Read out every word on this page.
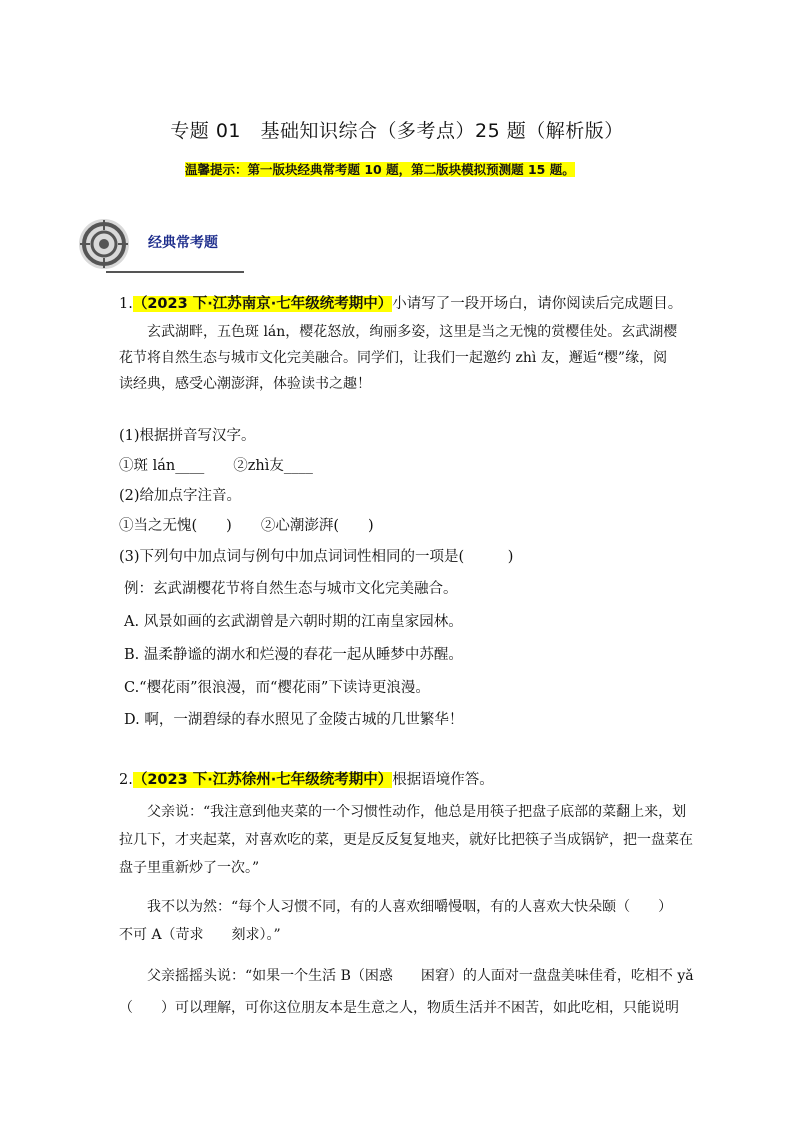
专题 01　基础知识综合（多考点）25 题（解析版）
温馨提示：第一版块经典常考题 10 题，第二版块模拟预测题 15 题。
经典常考题
1.（2023 下·江苏南京·七年级统考期中）小请写了一段开场白，请你阅读后完成题目。

玄武湖畔，五色斑 lán，樱花怒放，绚丽多姿，这里是当之无愧的赏樱佳处。玄武湖樱

花节将自然生态与城市文化完美融合。同学们，让我们一起邀约 zhì 友，邂逅“樱”缘，阅
读经典，感受心潮澎湃，体验读书之趣！
(1)根据拼音写汉字。
①斑 lán____　　②zhì友____
(2)给加点字注音。
①当之无愧(　　)　　②心潮澎湃(　　)
(3)下列句中加点词与例句中加点词词性相同的一项是(　　　)
例：玄武湖樱花节将自然生态与城市文化完美融合。
A. 风景如画的玄武湖曾是六朝时期的江南皇家园林。
B. 温柔静谧的湖水和烂漫的春花一起从睡梦中苏醒。
C.“樱花雨”很浪漫，而“樱花雨”下读诗更浪漫。
D. 啊，一湖碧绿的春水照见了金陵古城的几世繁华！
2.（2023 下·江苏徐州·七年级统考期中）根据语境作答。

父亲说：“我注意到他夹菜的一个习惯性动作，他总是用筷子把盘子底部的菜翻上来，划

拉几下，才夹起菜，对喜欢吃的菜，更是反反复复地夹，就好比把筷子当成锅铲，把一盘菜在
盘子里重新炒了一次。”

我不以为然：“每个人习惯不同，有的人喜欢细嚼慢咽，有的人喜欢大快朵颐（　　）

不可 A（苛求　　刻求）。”

父亲摇摇头说：“如果一个生活 B（困惑　　困窘）的人面对一盘盘美味佳肴，吃相不 yǎ

（　　）可以理解，可你这位朋友本是生意之人，物质生活并不困苦，如此吃相，只能说明
